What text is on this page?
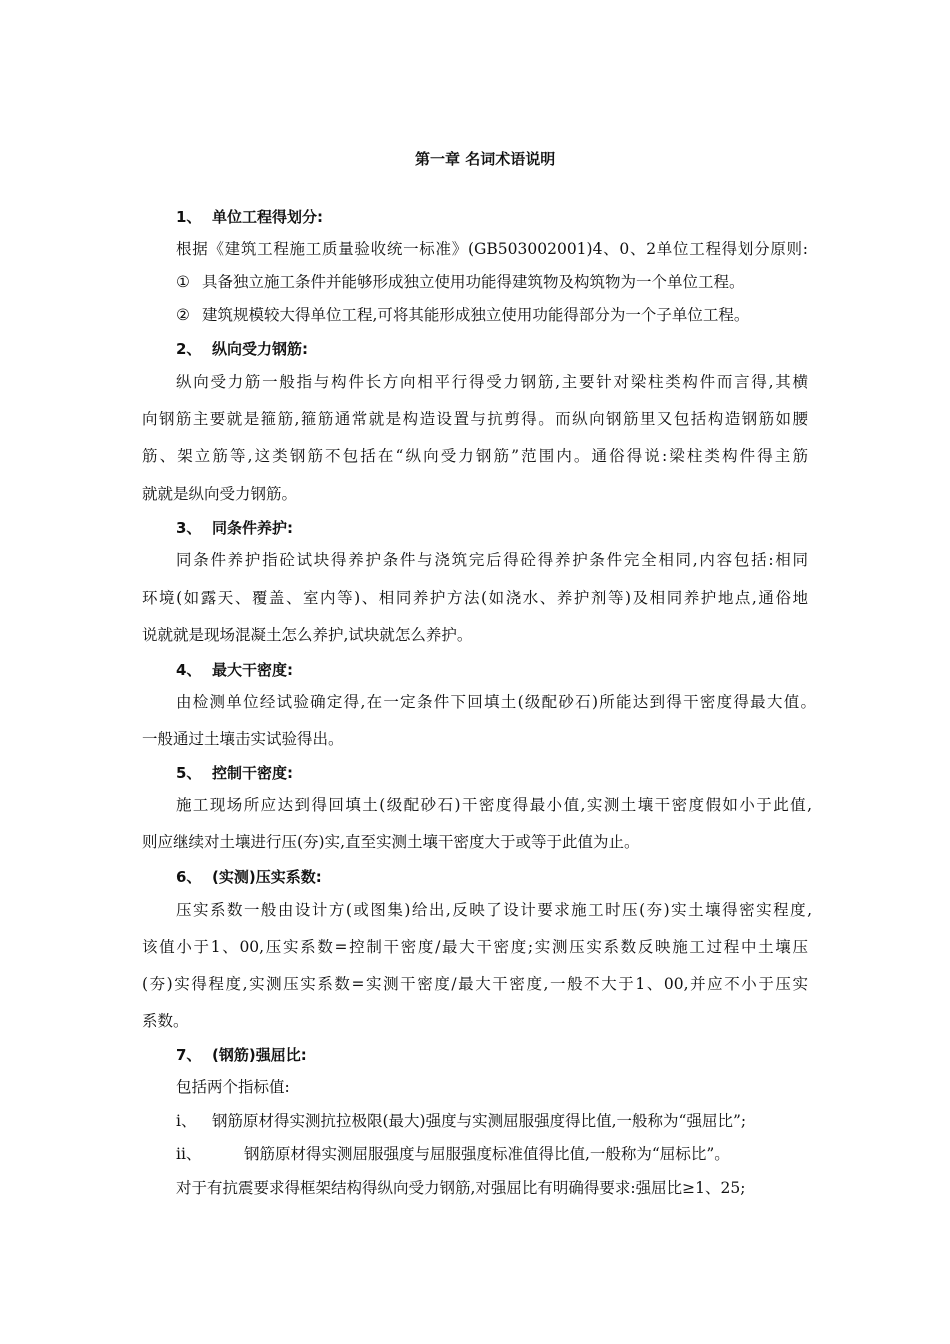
第一章 名词术语说明
1、 单位工程得划分:
根据《建筑工程施工质量验收统一标准》(GB503002001)4、0、2单位工程得划分原则:
① 具备独立施工条件并能够形成独立使用功能得建筑物及构筑物为一个单位工程。
② 建筑规模较大得单位工程,可将其能形成独立使用功能得部分为一个子单位工程。
2、 纵向受力钢筋:
纵向受力筋一般指与构件长方向相平行得受力钢筋,主要针对梁柱类构件而言得,其横
向钢筋主要就是箍筋,箍筋通常就是构造设置与抗剪得。而纵向钢筋里又包括构造钢筋如腰
筋、架立筋等,这类钢筋不包括在“纵向受力钢筋”范围内。通俗得说:梁柱类构件得主筋
就就是纵向受力钢筋。
3、 同条件养护:
同条件养护指砼试块得养护条件与浇筑完后得砼得养护条件完全相同,内容包括:相同
环境(如露天、覆盖、室内等)、相同养护方法(如浇水、养护剂等)及相同养护地点,通俗地
说就就是现场混凝土怎么养护,试块就怎么养护。
4、 最大干密度:
由检测单位经试验确定得,在一定条件下回填土(级配砂石)所能达到得干密度得最大值。
一般通过土壤击实试验得出。
5、 控制干密度:
施工现场所应达到得回填土(级配砂石)干密度得最小值,实测土壤干密度假如小于此值,
则应继续对土壤进行压(夯)实,直至实测土壤干密度大于或等于此值为止。
6、 (实测)压实系数:
压实系数一般由设计方(或图集)给出,反映了设计要求施工时压(夯)实土壤得密实程度,
该值小于1、00,压实系数=控制干密度/最大干密度;实测压实系数反映施工过程中土壤压
(夯)实得程度,实测压实系数=实测干密度/最大干密度,一般不大于1、00,并应不小于压实
系数。
7、 (钢筋)强屈比:
包括两个指标值:
i、 钢筋原材得实测抗拉极限(最大)强度与实测屈服强度得比值,一般称为“强屈比”;
ii、	钢筋原材得实测屈服强度与屈服强度标准值得比值,一般称为“屈标比”。
对于有抗震要求得框架结构得纵向受力钢筋,对强屈比有明确得要求:强屈比≥1、25;
